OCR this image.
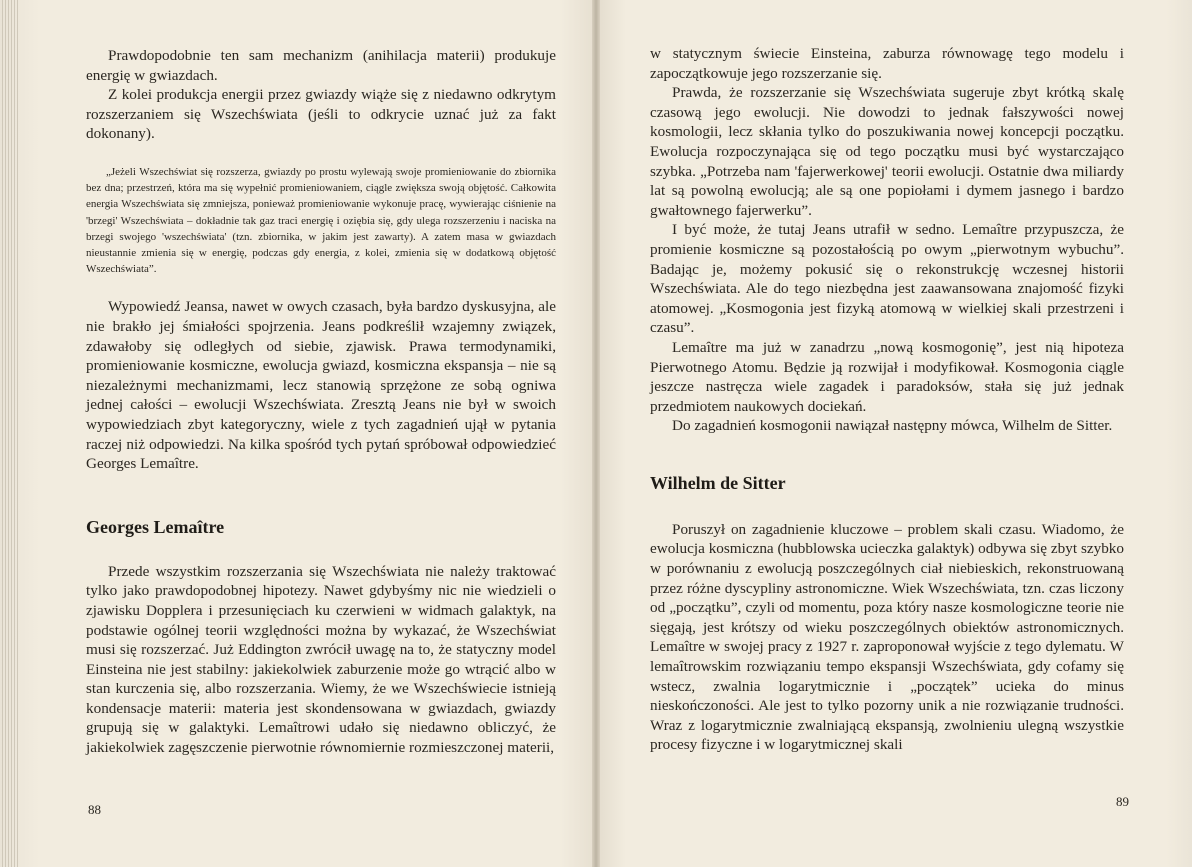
Prawdopodobnie ten sam mechanizm (anihilacja materii) produkuje energię w gwiazdach.

Z kolei produkcja energii przez gwiazdy wiąże się z niedawno odkrytym rozszerzaniem się Wszechświata (jeśli to odkrycie uznać już za fakt dokonany).

„Jeżeli Wszechświat się rozszerza, gwiazdy po prostu wylewają swoje promieniowanie do zbiornika bez dna; przestrzeń, która ma się wypełnić promieniowaniem, ciągle zwiększa swoją objętość. Całkowita energia Wszechświata się zmniejsza, ponieważ promieniowanie wykonuje pracę, wywierając ciśnienie na 'brzegi' Wszechświata – dokładnie tak gaz traci energię i oziębia się, gdy ulega rozszerzeniu i naciska na brzegi swojego 'wszechświata' (tzn. zbiornika, w jakim jest zawarty). A zatem masa w gwiazdach nieustannie zmienia się w energię, podczas gdy energia, z kolei, zmienia się w dodatkową objętość Wszechświata”.

Wypowiedź Jeansa, nawet w owych czasach, była bardzo dyskusyjna, ale nie brakło jej śmiałości spojrzenia. Jeans podkreślił wzajemny związek, zdawałoby się odległych od siebie, zjawisk. Prawa termodynamiki, promieniowanie kosmiczne, ewolucja gwiazd, kosmiczna ekspansja – nie są niezależnymi mechanizmami, lecz stanowią sprzężone ze sobą ogniwa jednej całości – ewolucji Wszechświata. Zresztą Jeans nie był w swoich wypowiedziach zbyt kategoryczny, wiele z tych zagadnień ujął w pytania raczej niż odpowiedzi. Na kilka spośród tych pytań spróbował odpowiedzieć Georges Lemaître.

Georges Lemaître

Przede wszystkim rozszerzania się Wszechświata nie należy traktować tylko jako prawdopodobnej hipotezy. Nawet gdybyśmy nic nie wiedzieli o zjawisku Dopplera i przesunięciach ku czerwieni w widmach galaktyk, na podstawie ogólnej teorii względności można by wykazać, że Wszechświat musi się rozszerzać. Już Eddington zwrócił uwagę na to, że statyczny model Einsteina nie jest stabilny: jakiekolwiek zaburzenie może go wtrącić albo w stan kurczenia się, albo rozszerzania. Wiemy, że we Wszechświecie istnieją kondensacje materii: materia jest skondensowana w gwiazdach, gwiazdy grupują się w galaktyki. Lemaîtrowi udało się niedawno obliczyć, że jakiekolwiek zagęszczenie pierwotnie równomiernie rozmieszczonej materii,

88

w statycznym świecie Einsteina, zaburza równowagę tego modelu i zapoczątkowuje jego rozszerzanie się.

Prawda, że rozszerzanie się Wszechświata sugeruje zbyt krótką skalę czasową jego ewolucji. Nie dowodzi to jednak fałszywości nowej kosmologii, lecz skłania tylko do poszukiwania nowej koncepcji początku. Ewolucja rozpoczynająca się od tego początku musi być wystarczająco szybka. „Potrzeba nam 'fajerwerkowej' teorii ewolucji. Ostatnie dwa miliardy lat są powolną ewolucją; ale są one popiołami i dymem jasnego i bardzo gwałtownego fajerwerku”.

I być może, że tutaj Jeans utrafił w sedno. Lemaître przypuszcza, że promienie kosmiczne są pozostałością po owym „pierwotnym wybuchu”. Badając je, możemy pokusić się o rekonstrukcję wczesnej historii Wszechświata. Ale do tego niezbędna jest zaawansowana znajomość fizyki atomowej. „Kosmogonia jest fizyką atomową w wielkiej skali przestrzeni i czasu”.

Lemaître ma już w zanadrzu „nową kosmogonię”, jest nią hipoteza Pierwotnego Atomu. Będzie ją rozwijał i modyfikował. Kosmogonia ciągle jeszcze nastręcza wiele zagadek i paradoksów, stała się już jednak przedmiotem naukowych dociekań.

Do zagadnień kosmogonii nawiązał następny mówca, Wilhelm de Sitter.

Wilhelm de Sitter

Poruszył on zagadnienie kluczowe – problem skali czasu. Wiadomo, że ewolucja kosmiczna (hubblowska ucieczka galaktyk) odbywa się zbyt szybko w porównaniu z ewolucją poszczególnych ciał niebieskich, rekonstruowaną przez różne dyscypliny astronomiczne. Wiek Wszechświata, tzn. czas liczony od „początku”, czyli od momentu, poza który nasze kosmologiczne teorie nie sięgają, jest krótszy od wieku poszczególnych obiektów astronomicznych. Lemaître w swojej pracy z 1927 r. zaproponował wyjście z tego dylematu. W lemaîtrowskim rozwiązaniu tempo ekspansji Wszechświata, gdy cofamy się wstecz, zwalnia logarytmicznie i „początek” ucieka do minus nieskończoności. Ale jest to tylko pozorny unik a nie rozwiązanie trudności. Wraz z logarytmicznie zwalniającą ekspansją, zwolnieniu ulegną wszystkie procesy fizyczne i w logarytmicznej skali

89
